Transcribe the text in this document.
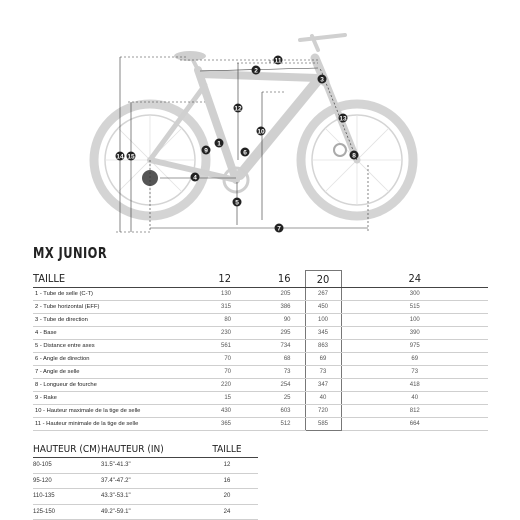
1
2
3
4
5
6
7
8
9
10
11
12
13
14 15
MX JUNIOR
TAILLE	12	16	20	24
1 - Tube de selle (C-T)	130	205	267	300
2 - Tube horizontal (EFF)	315	386	450	515
3 - Tube de direction	80	90	100	100
4 - Base	230	295	345	390
5 - Distance entre axes	561	734	863	975
6 - Angle de direction	70	68	69	69
7 - Angle de selle	70	73	73	73
8 - Longueur de fourche	220	254	347	418
9 - Rake	15	25	40	40
10 - Hauteur maximale de la tige de selle	430	603	720	812
11 - Hauteur minimale de la tige de selle	365	512	585	664
HAUTEUR (CM)	HAUTEUR (IN)	TAILLE
80-105	31.5"-41.3"	12
95-120	37.4"-47.2"	16
110-135	43.3"-53.1"	20
125-150	49.2"-59.1"	24
